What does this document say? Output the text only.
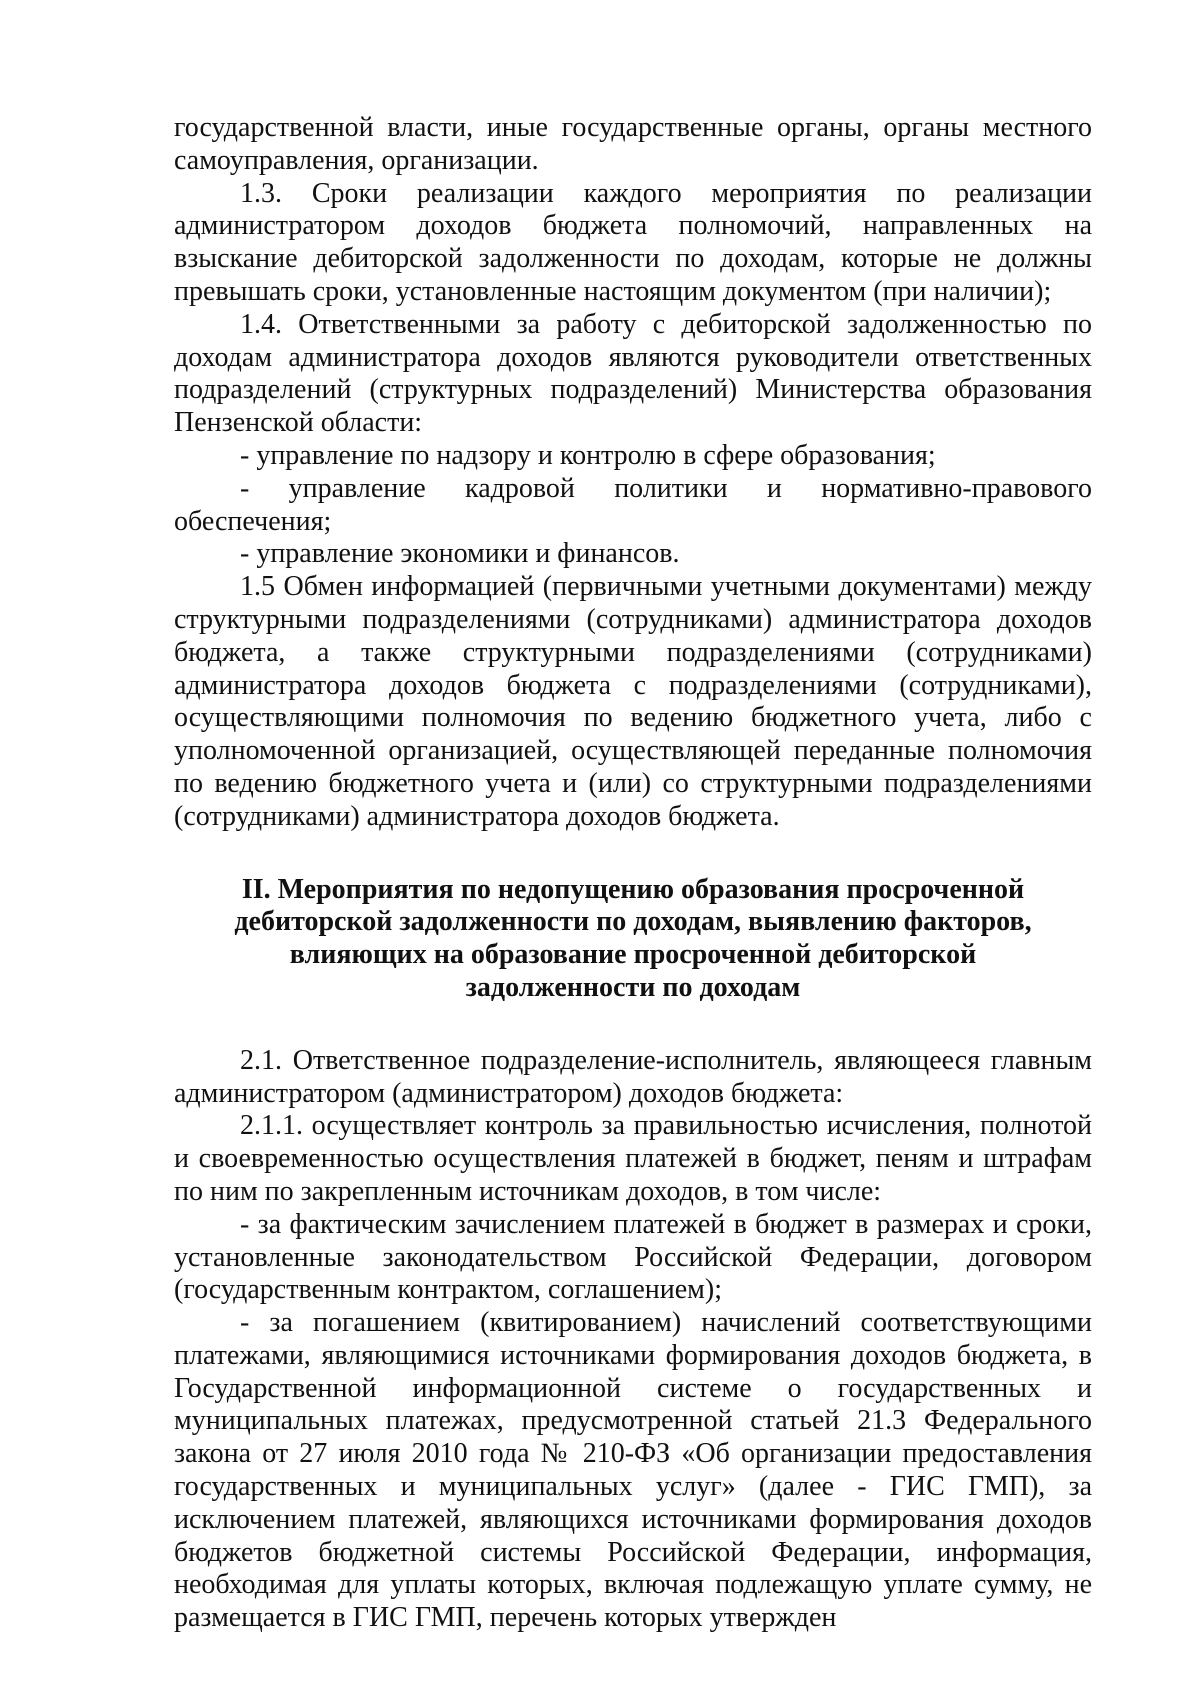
государственной власти, иные государственные органы, органы местного самоуправления, организации.

1.3. Сроки реализации каждого мероприятия по реализации администратором доходов бюджета полномочий, направленных на взыскание дебиторской задолженности по доходам, которые не должны превышать сроки, установленные настоящим документом (при наличии);

1.4. Ответственными за работу с дебиторской задолженностью по доходам администратора доходов являются руководители ответственных подразделений (структурных подразделений) Министерства образования Пензенской области:

- управление по надзору и контролю в сфере образования;

- управление кадровой политики и нормативно-правового обеспечения;

- управление экономики и финансов.

1.5 Обмен информацией (первичными учетными документами) между структурными подразделениями (сотрудниками) администратора доходов бюджета, а также структурными подразделениями (сотрудниками) администратора доходов бюджета с подразделениями (сотрудниками), осуществляющими полномочия по ведению бюджетного учета, либо с уполномоченной организацией, осуществляющей переданные полномочия по ведению бюджетного учета и (или) со структурными подразделениями (сотрудниками) администратора доходов бюджета.

II. Мероприятия по недопущению образования просроченной
дебиторской задолженности по доходам, выявлению факторов,
влияющих на образование просроченной дебиторской
задолженности по доходам

2.1. Ответственное подразделение-исполнитель, являющееся главным администратором (администратором) доходов бюджета:

2.1.1. осуществляет контроль за правильностью исчисления, полнотой и своевременностью осуществления платежей в бюджет, пеням и штрафам по ним по закрепленным источникам доходов, в том числе:

- за фактическим зачислением платежей в бюджет в размерах и сроки, установленные законодательством Российской Федерации, договором (государственным контрактом, соглашением);

- за погашением (квитированием) начислений соответствующими платежами, являющимися источниками формирования доходов бюджета, в Государственной информационной системе о государственных и муниципальных платежах, предусмотренной статьей 21.3 Федерального закона от 27 июля 2010 года № 210-ФЗ «Об организации предоставления государственных и муниципальных услуг» (далее - ГИС ГМП), за исключением платежей, являющихся источниками формирования доходов бюджетов бюджетной системы Российской Федерации, информация, необходимая для уплаты которых, включая подлежащую уплате сумму, не размещается в ГИС ГМП, перечень которых утвержден
